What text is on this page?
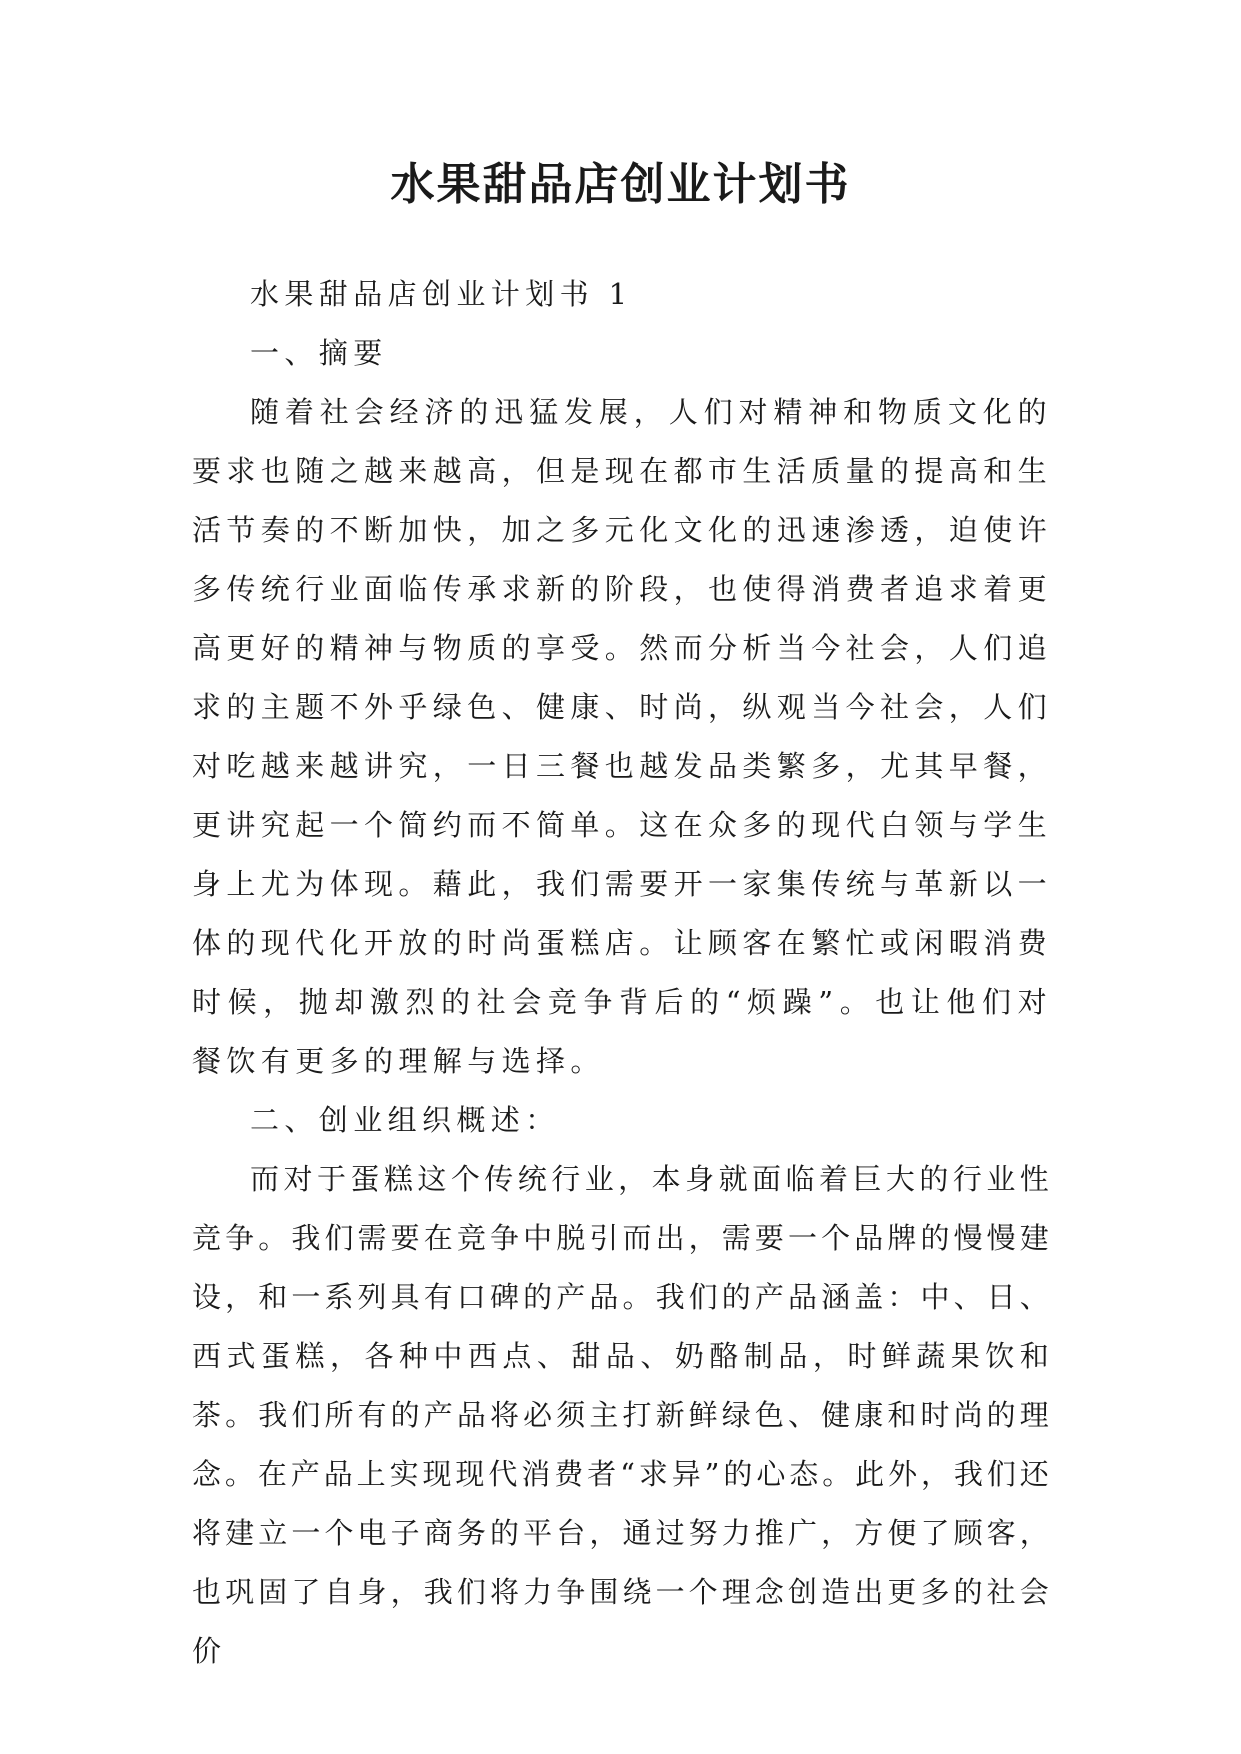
水果甜品店创业计划书

水果甜品店创业计划书 1

一、摘要

随着社会经济的迅猛发展，人们对精神和物质文化的要求也随之越来越高，但是现在都市生活质量的提高和生活节奏的不断加快，加之多元化文化的迅速渗透，迫使许多传统行业面临传承求新的阶段，也使得消费者追求着更高更好的精神与物质的享受。然而分析当今社会，人们追求的主题不外乎绿色、健康、时尚，纵观当今社会，人们对吃越来越讲究，一日三餐也越发品类繁多，尤其早餐，更讲究起一个简约而不简单。这在众多的现代白领与学生身上尤为体现。藉此，我们需要开一家集传统与革新以一体的现代化开放的时尚蛋糕店。让顾客在繁忙或闲暇消费时候，抛却激烈的社会竞争背后的“烦躁”。也让他们对餐饮有更多的理解与选择。

二、创业组织概述：

而对于蛋糕这个传统行业，本身就面临着巨大的行业性竞争。我们需要在竞争中脱引而出，需要一个品牌的慢慢建设，和一系列具有口碑的产品。我们的产品涵盖：中、日、西式蛋糕，各种中西点、甜品、奶酪制品，时鲜蔬果饮和茶。我们所有的产品将必须主打新鲜绿色、健康和时尚的理念。在产品上实现现代消费者“求异”的心态。此外，我们还将建立一个电子商务的平台，通过努力推广，方便了顾客，也巩固了自身，我们将力争围绕一个理念创造出更多的社会价
